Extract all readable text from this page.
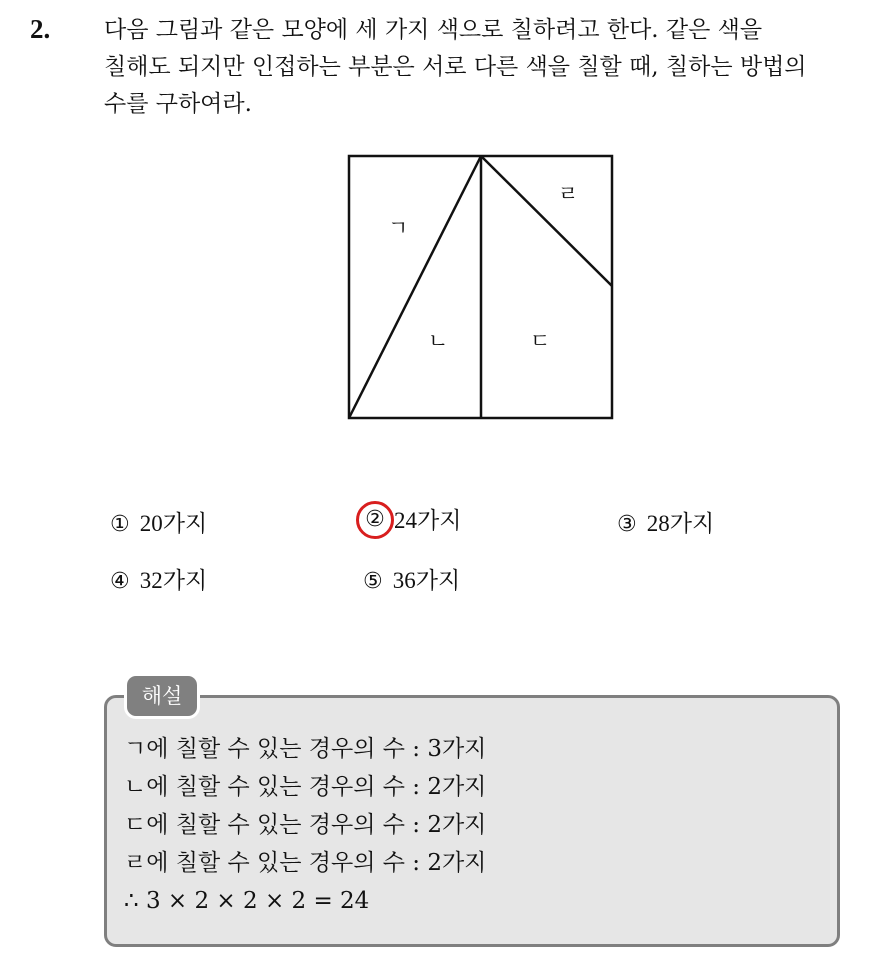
2. 다음 그림과 같은 모양에 세 가지 색으로 칠하려고 한다. 같은 색을
칠해도 되지만 인접하는 부분은 서로 다른 색을 칠할 때, 칠하는 방법의
수를 구하여라.
ㄱ
ㄴ	ㄷ
ㄹ
① 20가지	② 24가지	③ 28가지
④ 32가지	⑤ 36가지
해설
ㄱ에 칠할 수 있는 경우의 수 : 3가지
ㄴ에 칠할 수 있는 경우의 수 : 2가지
ㄷ에 칠할 수 있는 경우의 수 : 2가지
ㄹ에 칠할 수 있는 경우의 수 : 2가지
∴ 3 × 2 × 2 × 2 = 24
